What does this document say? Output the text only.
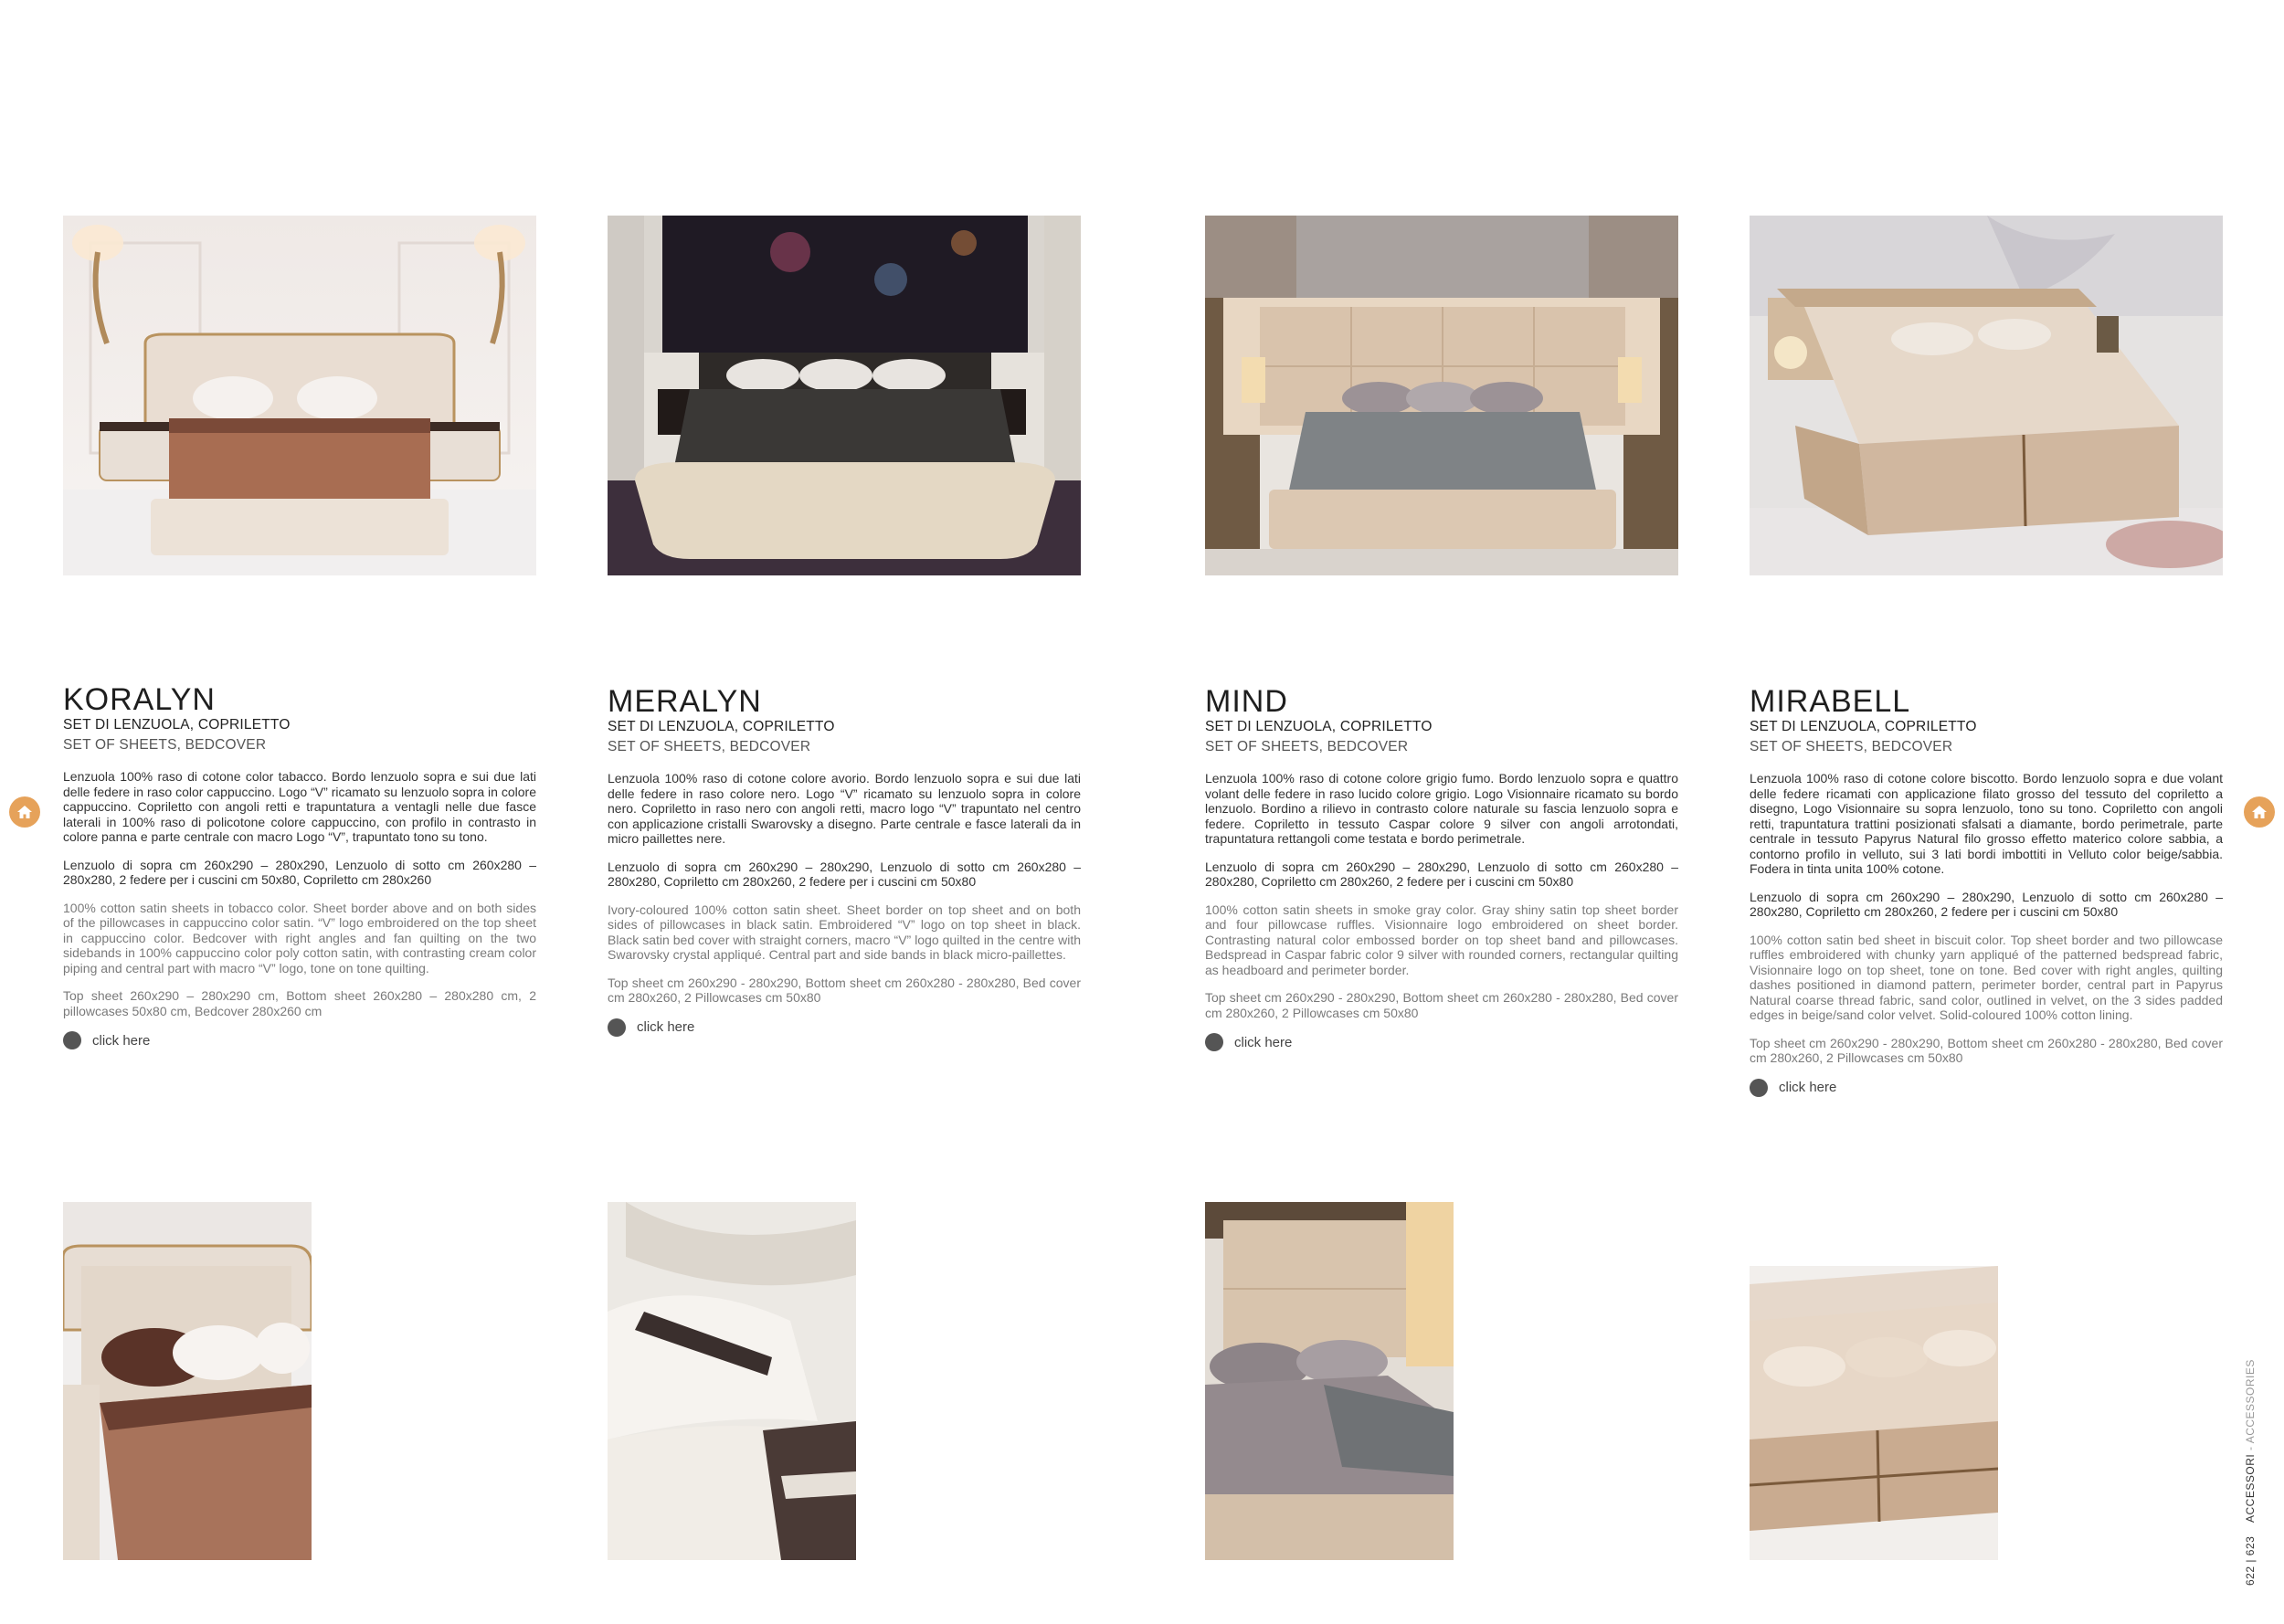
KORALYN
SET DI LENZUOLA, COPRILETTO
SET OF SHEETS, BEDCOVER

Lenzuola 100% raso di cotone color tabacco. Bordo lenzuolo sopra e sui due lati delle federe in raso color cappuccino. Logo “V” ricamato su lenzuolo sopra in colore cappuccino. Copriletto con angoli retti e trapuntatura a ventagli nelle due fasce laterali in 100% raso di policotone colore cappuccino, con profilo in contrasto in colore panna e parte centrale con macro Logo “V”, trapuntato tono su tono.

Lenzuolo di sopra cm 260x290 – 280x290, Lenzuolo di sotto cm 260x280 – 280x280, 2 federe per i cuscini cm 50x80, Copriletto cm 280x260

100% cotton satin sheets in tobacco color. Sheet border above and on both sides of the pillowcases in cappuccino color satin. “V” logo embroidered on the top sheet in cappuccino color. Bedcover with right angles and fan quilting on the two sidebands in 100% cappuccino color poly cotton satin, with contrasting cream color piping and central part with macro “V” logo, tone on tone quilting.

Top sheet 260x290 – 280x290 cm, Bottom sheet 260x280 – 280x280 cm, 2 pillowcases 50x80 cm, Bedcover 280x260 cm

click here
MERALYN
SET DI LENZUOLA, COPRILETTO
SET OF SHEETS, BEDCOVER

Lenzuola 100% raso di cotone colore avorio. Bordo lenzuolo sopra e sui due lati delle federe in raso colore nero. Logo “V” ricamato su lenzuolo sopra in colore nero. Copriletto in raso nero con angoli retti, macro logo “V” trapuntato nel centro con applicazione cristalli Swarovsky a disegno. Parte centrale e fasce laterali da in micro paillettes nere.

Lenzuolo di sopra cm 260x290 – 280x290, Lenzuolo di sotto cm 260x280 – 280x280, Copriletto cm 280x260, 2 federe per i cuscini cm 50x80

Ivory-coloured 100% cotton satin sheet. Sheet border on top sheet and on both sides of pillowcases in black satin. Embroidered “V” logo on top sheet in black. Black satin bed cover with straight corners, macro “V” logo quilted in the centre with Swarovsky crystal appliqué. Central part and side bands in black micro-paillettes.

Top sheet cm 260x290 - 280x290, Bottom sheet cm 260x280 - 280x280, Bed cover cm 280x260, 2 Pillowcases cm 50x80

click here
MIND
SET DI LENZUOLA, COPRILETTO
SET OF SHEETS, BEDCOVER

Lenzuola 100% raso di cotone colore grigio fumo. Bordo lenzuolo sopra e quattro volant delle federe in raso lucido colore grigio. Logo Visionnaire ricamato su bordo lenzuolo. Bordino a rilievo in contrasto colore naturale su fascia lenzuolo sopra e federe. Copriletto in tessuto Caspar colore 9 silver con angoli arrotondati, trapuntatura rettangoli come testata e bordo perimetrale.

Lenzuolo di sopra cm 260x290 – 280x290, Lenzuolo di sotto cm 260x280 – 280x280, Copriletto cm 280x260, 2 federe per i cuscini cm 50x80

100% cotton satin sheets in smoke gray color. Gray shiny satin top sheet border and four pillowcase ruffles. Visionnaire logo embroidered on sheet border. Contrasting natural color embossed border on top sheet band and pillowcases. Bedspread in Caspar fabric color 9 silver with rounded corners, rectangular quilting as headboard and perimeter border.

Top sheet cm 260x290 - 280x290, Bottom sheet cm 260x280 - 280x280, Bed cover cm 280x260, 2 Pillowcases cm 50x80

click here
MIRABELL
SET DI LENZUOLA, COPRILETTO
SET OF SHEETS, BEDCOVER

Lenzuola 100% raso di cotone colore biscotto. Bordo lenzuolo sopra e due volant delle federe ricamati con applicazione filato grosso del tessuto del copriletto a disegno, Logo Visionnaire su sopra lenzuolo, tono su tono. Copriletto con angoli retti, trapuntatura trattini posizionati sfalsati a diamante, bordo perimetrale, parte centrale in tessuto Papyrus Natural filo grosso effetto materico colore sabbia, a contorno profilo in velluto, sui 3 lati bordi imbottiti in Velluto color beige/sabbia. Fodera in tinta unita 100% cotone.

Lenzuolo di sopra cm 260x290 – 280x290, Lenzuolo di sotto cm 260x280 – 280x280, Copriletto cm 280x260, 2 federe per i cuscini cm 50x80

100% cotton satin bed sheet in biscuit color. Top sheet border and two pillowcase ruffles embroidered with chunky yarn appliqué of the patterned bedspread fabric, Visionnaire logo on top sheet, tone on tone. Bed cover with right angles, quilting dashes positioned in diamond pattern, perimeter border, central part in Papyrus Natural coarse thread fabric, sand color, outlined in velvet, on the 3 sides padded edges in beige/sand color velvet. Solid-coloured 100% cotton lining.

Top sheet cm 260x290 - 280x290, Bottom sheet cm 260x280 - 280x280, Bed cover cm 280x260, 2 Pillowcases cm 50x80

click here
622 | 623    ACCESSORI - ACCESSORIES
